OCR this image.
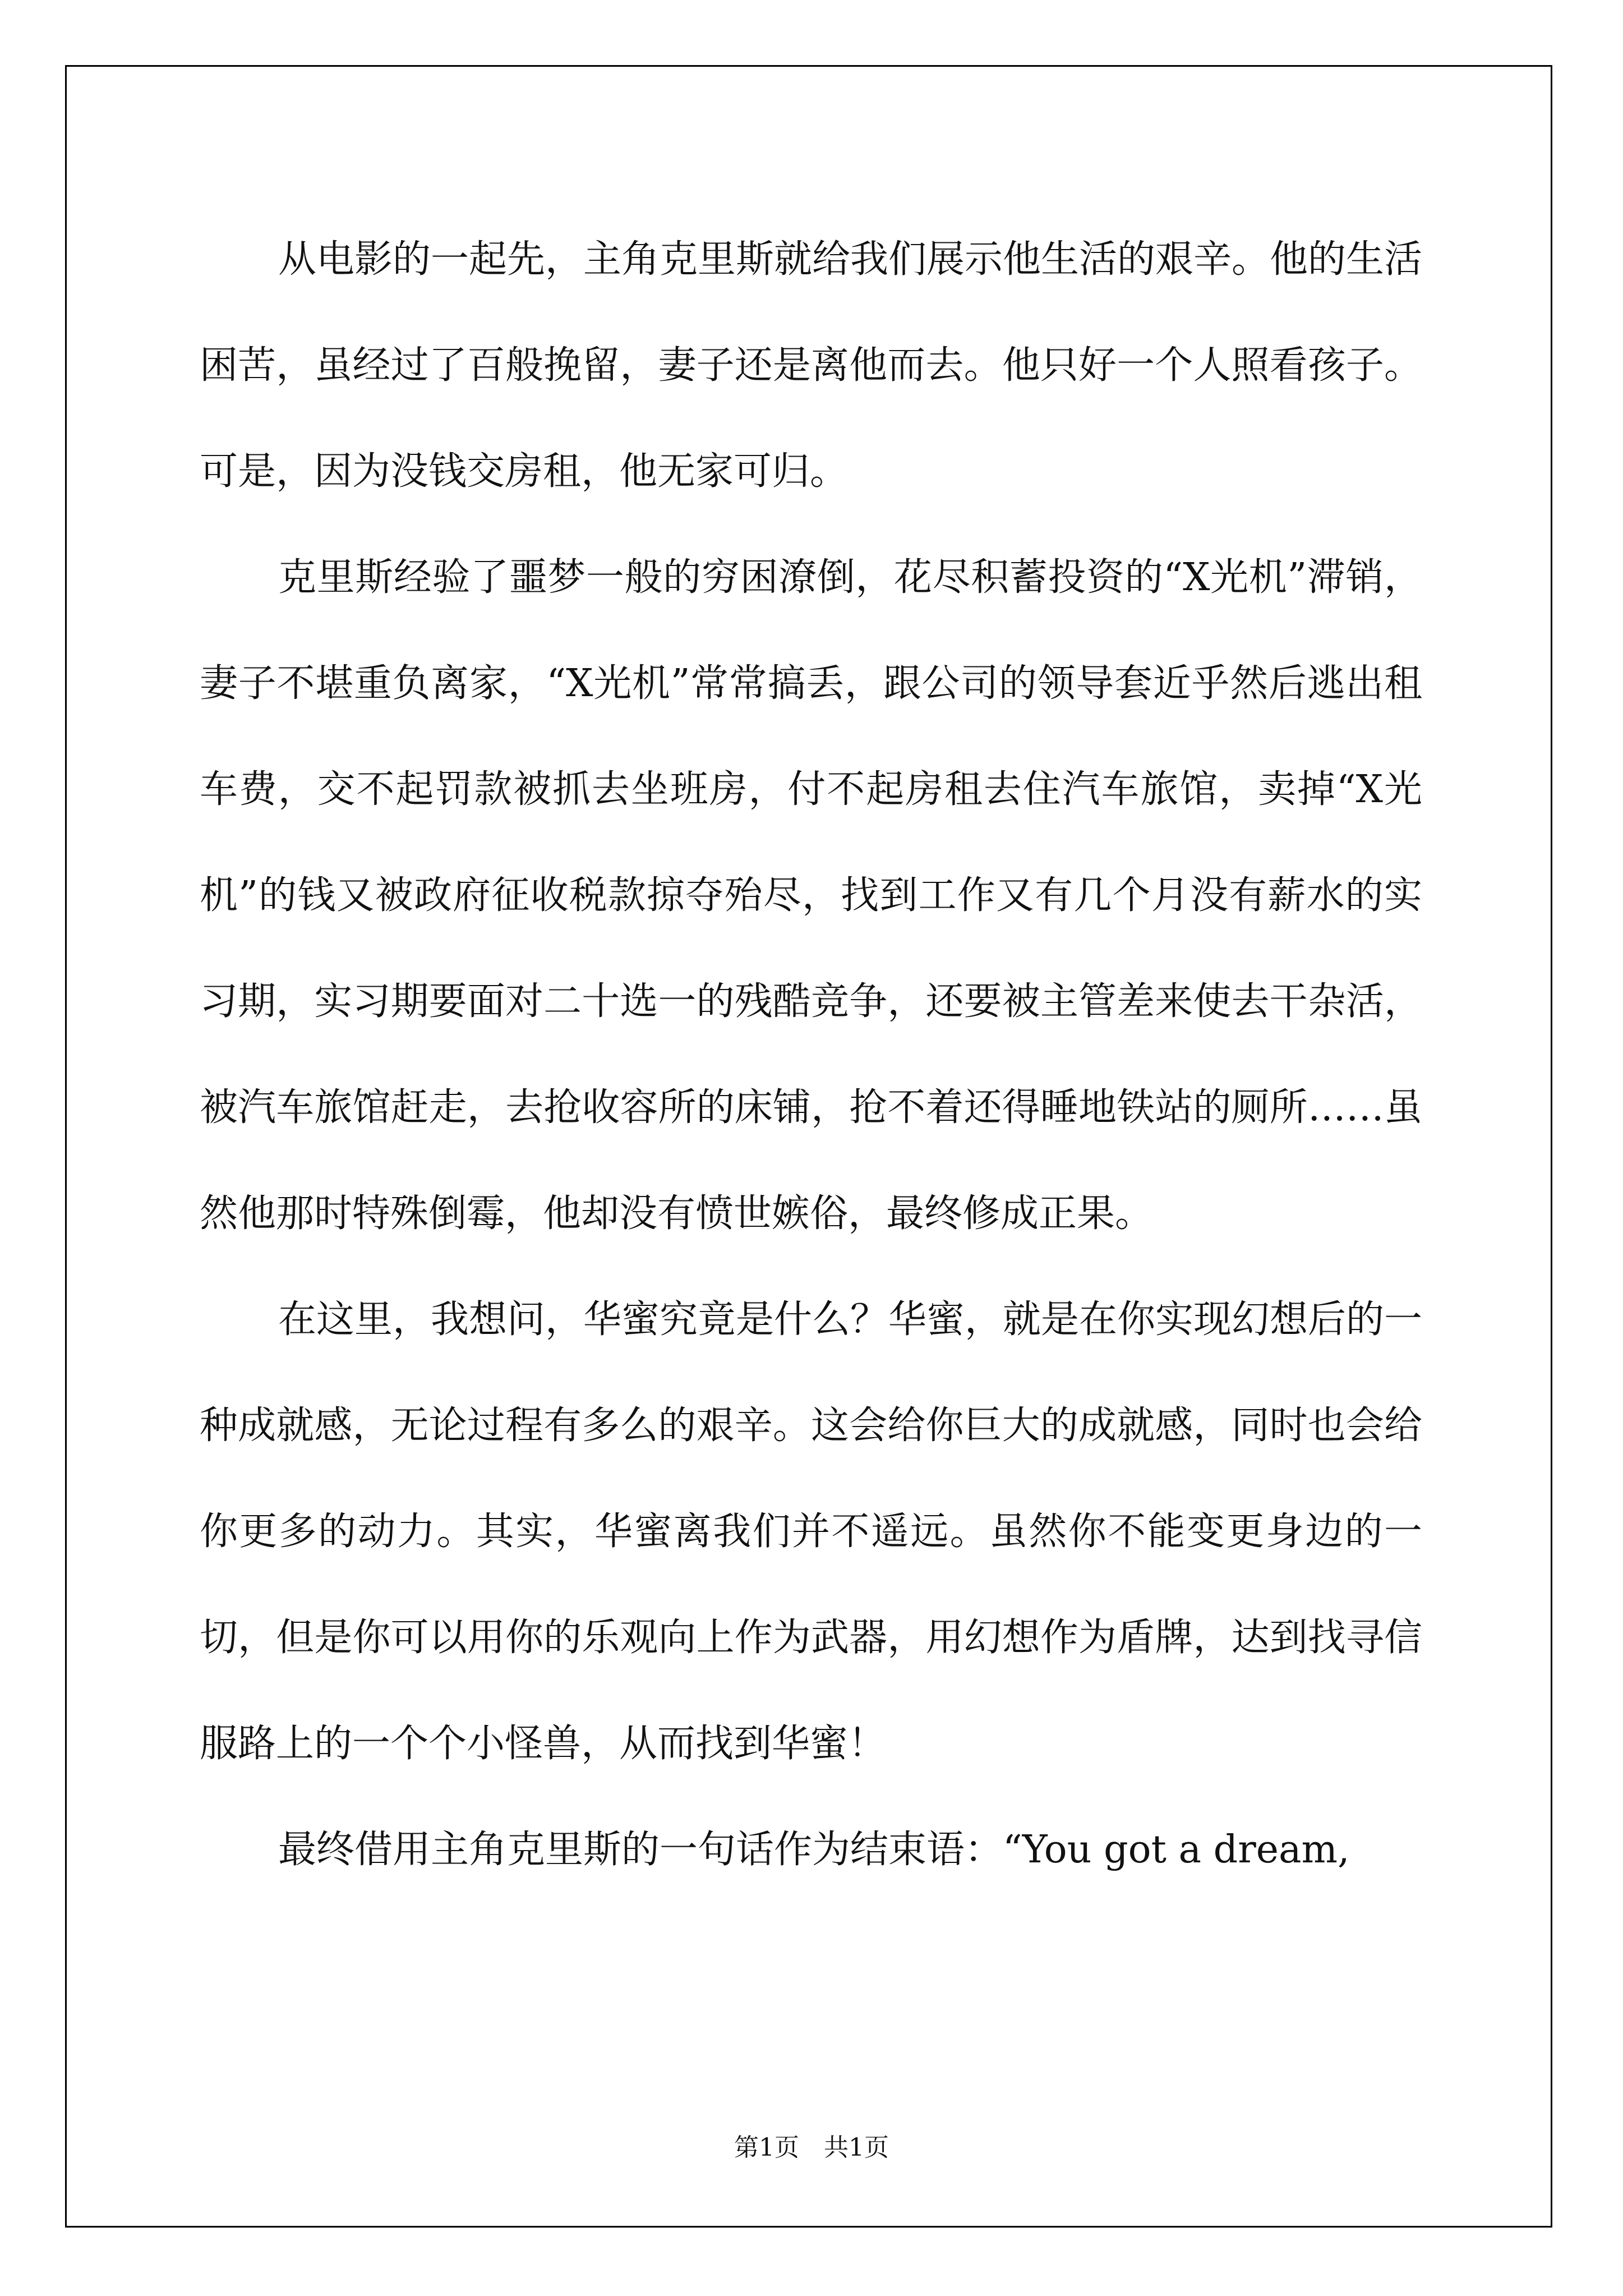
从电影的一起先，主角克里斯就给我们展示他生活的艰辛。他的生活困苦，虽经过了百般挽留，妻子还是离他而去。他只好一个人照看孩子。可是，因为没钱交房租，他无家可归。

克里斯经验了噩梦一般的穷困潦倒，花尽积蓄投资的“X光机”滞销，妻子不堪重负离家，“X光机”常常搞丢，跟公司的领导套近乎然后逃出租车费，交不起罚款被抓去坐班房，付不起房租去住汽车旅馆，卖掉“X光机”的钱又被政府征收税款掠夺殆尽，找到工作又有几个月没有薪水的实习期，实习期要面对二十选一的残酷竞争，还要被主管差来使去干杂活，被汽车旅馆赶走，去抢收容所的床铺，抢不着还得睡地铁站的厕所……虽然他那时特殊倒霉，他却没有愤世嫉俗，最终修成正果。

在这里，我想问，华蜜究竟是什么？华蜜，就是在你实现幻想后的一种成就感，无论过程有多么的艰辛。这会给你巨大的成就感，同时也会给你更多的动力。其实，华蜜离我们并不遥远。虽然你不能变更身边的一切，但是你可以用你的乐观向上作为武器，用幻想作为盾牌，达到找寻信服路上的一个个小怪兽，从而找到华蜜！

最终借用主角克里斯的一句话作为结束语：“You got a dream,

第1页　共1页
